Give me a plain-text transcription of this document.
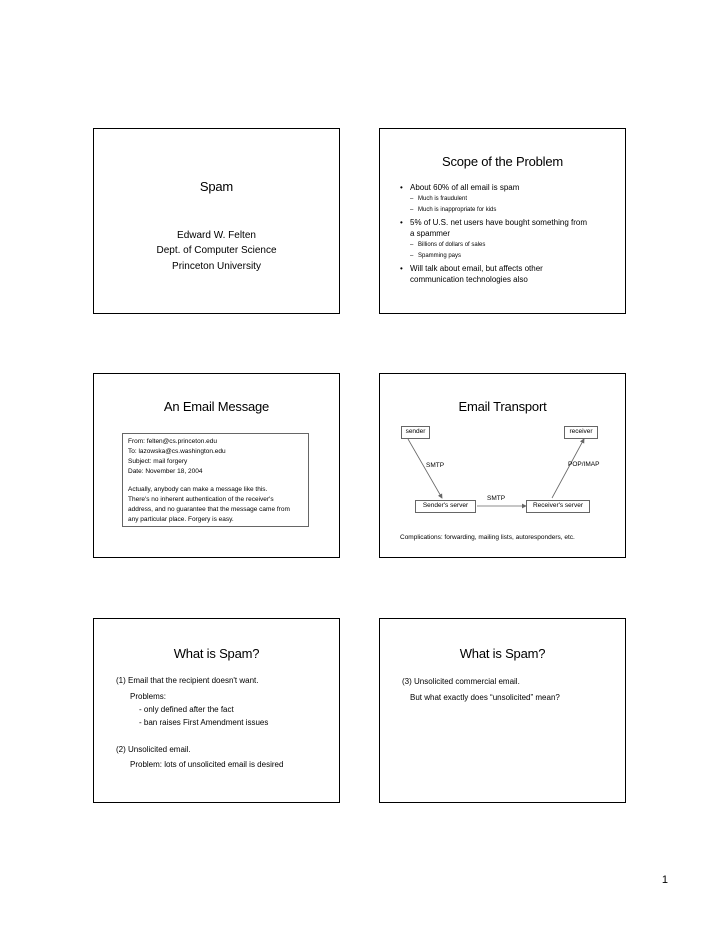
Spam
Edward W. Felten
Dept. of Computer Science
Princeton University
Scope of the Problem
• About 60% of all email is spam
– Much is fraudulent
– Much is inappropriate for kids
• 5% of U.S. net users have bought something from
a spammer
– Billions of dollars of sales
– Spamming pays
• Will talk about email, but affects other
communication technologies also
An Email Message
From: felten@cs.princeton.edu
To: lazowska@cs.washington.edu
Subject: mail forgery
Date: November 18, 2004
Actually, anybody can make a message like this.
There's no inherent authentication of the receiver's
address, and no guarantee that the message came from
any particular place. Forgery is easy.
Email Transport
sender	receiver
SMTP	POP/IMAP
SMTP
Sender's server	Receiver's server
Complications: forwarding, mailing lists, autoresponders, etc.
What is Spam?
(1) Email that the recipient doesn't want.
Problems:
- only defined after the fact
- ban raises First Amendment issues
(2) Unsolicited email.
Problem: lots of unsolicited email is desired
What is Spam?
(3) Unsolicited commercial email.
But what exactly does “unsolicited” mean?
1
